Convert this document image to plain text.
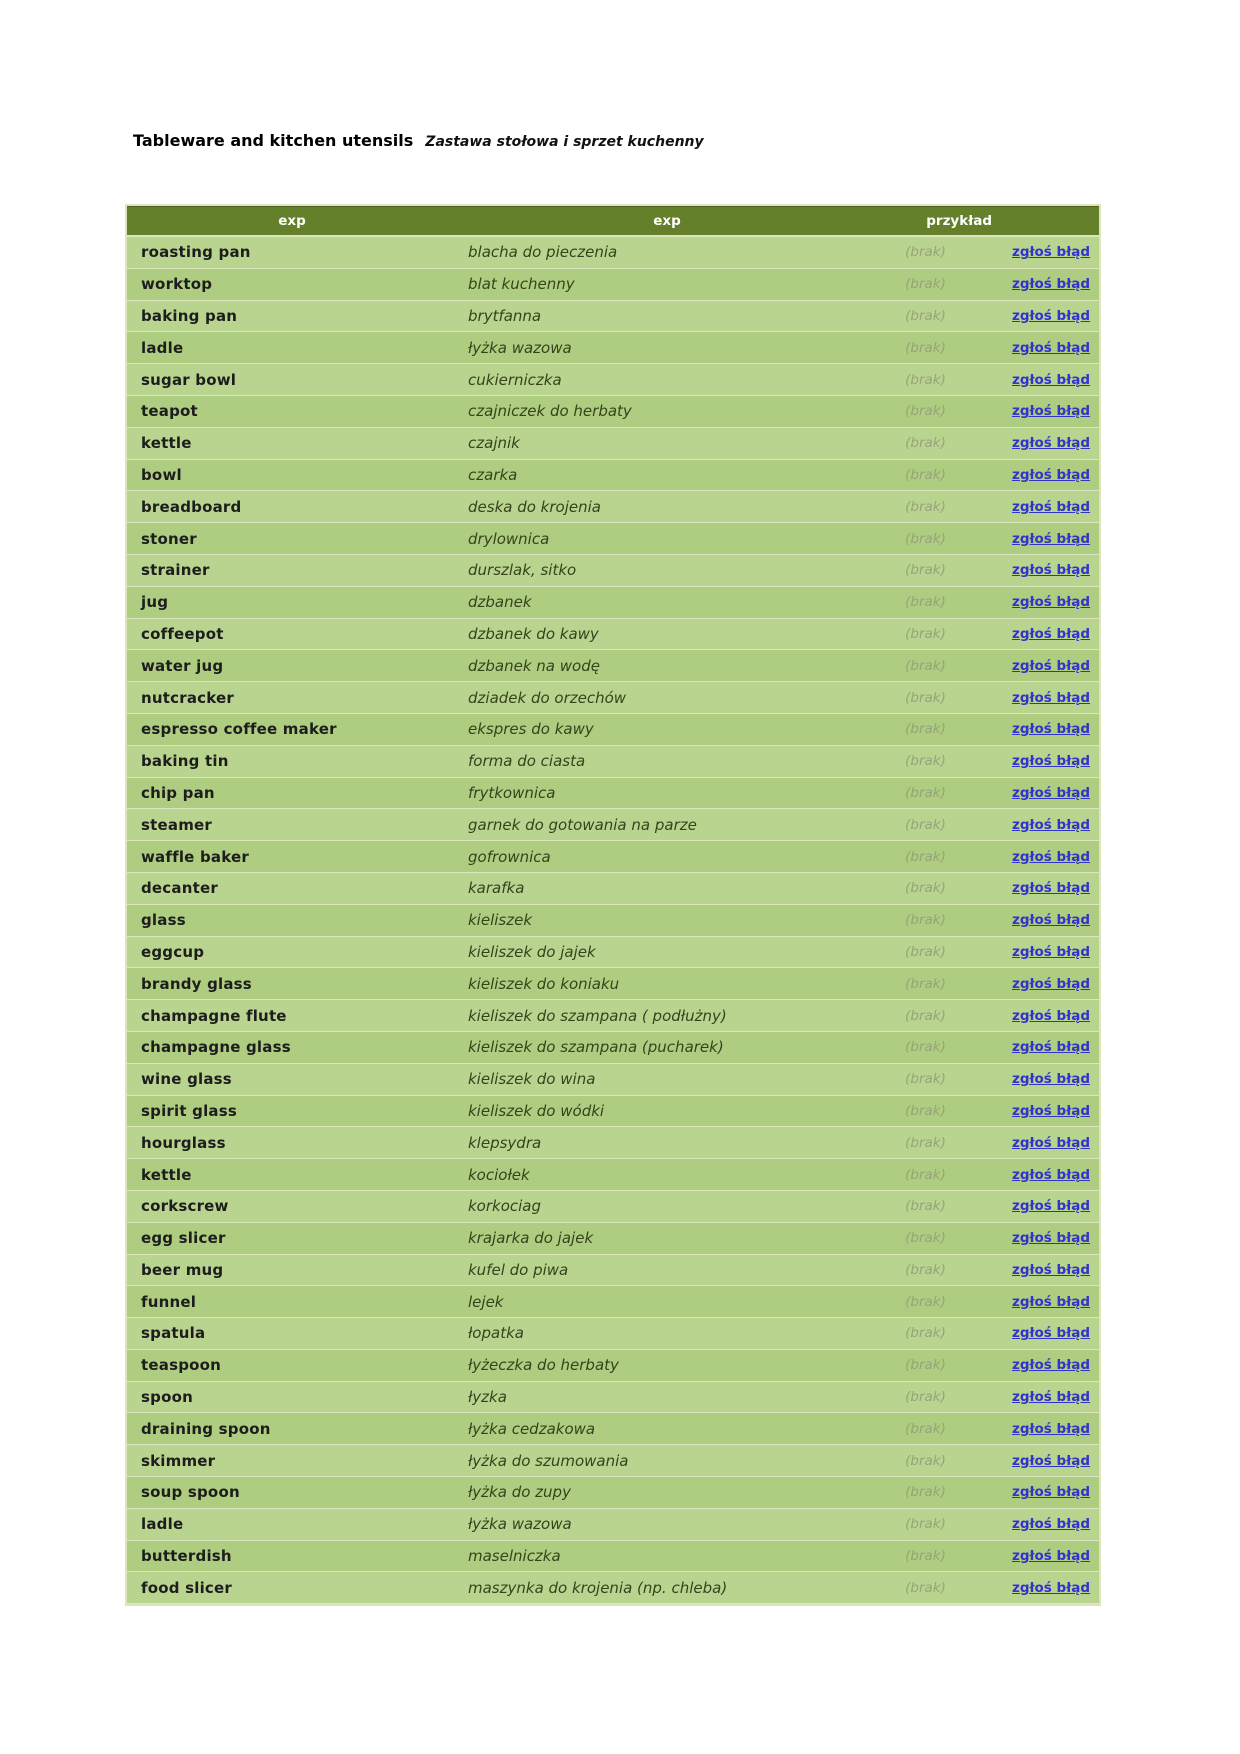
Tableware and kitchen utensils Zastawa stołowa i sprzet kuchenny
exp	exp	przykład
roasting pan	blacha do pieczenia	(brak)	zgłoś błąd
worktop	blat kuchenny	(brak)	zgłoś błąd
baking pan	brytfanna	(brak)	zgłoś błąd
ladle	łyżka wazowa	(brak)	zgłoś błąd
sugar bowl	cukierniczka	(brak)	zgłoś błąd
teapot	czajniczek do herbaty	(brak)	zgłoś błąd
kettle	czajnik	(brak)	zgłoś błąd
bowl	czarka	(brak)	zgłoś błąd
breadboard	deska do krojenia	(brak)	zgłoś błąd
stoner	drylownica	(brak)	zgłoś błąd
strainer	durszlak, sitko	(brak)	zgłoś błąd
jug	dzbanek	(brak)	zgłoś błąd
coffeepot	dzbanek do kawy	(brak)	zgłoś błąd
water jug	dzbanek na wodę	(brak)	zgłoś błąd
nutcracker	dziadek do orzechów	(brak)	zgłoś błąd
espresso coffee maker	ekspres do kawy	(brak)	zgłoś błąd
baking tin	forma do ciasta	(brak)	zgłoś błąd
chip pan	frytkownica	(brak)	zgłoś błąd
steamer	garnek do gotowania na parze	(brak)	zgłoś błąd
waffle baker	gofrownica	(brak)	zgłoś błąd
decanter	karafka	(brak)	zgłoś błąd
glass	kieliszek	(brak)	zgłoś błąd
eggcup	kieliszek do jajek	(brak)	zgłoś błąd
brandy glass	kieliszek do koniaku	(brak)	zgłoś błąd
champagne flute	kieliszek do szampana ( podłużny)	(brak)	zgłoś błąd
champagne glass	kieliszek do szampana (pucharek)	(brak)	zgłoś błąd
wine glass	kieliszek do wina	(brak)	zgłoś błąd
spirit glass	kieliszek do wódki	(brak)	zgłoś błąd
hourglass	klepsydra	(brak)	zgłoś błąd
kettle	kociołek	(brak)	zgłoś błąd
corkscrew	korkociag	(brak)	zgłoś błąd
egg slicer	krajarka do jajek	(brak)	zgłoś błąd
beer mug	kufel do piwa	(brak)	zgłoś błąd
funnel	lejek	(brak)	zgłoś błąd
spatula	łopatka	(brak)	zgłoś błąd
teaspoon	łyżeczka do herbaty	(brak)	zgłoś błąd
spoon	łyzka	(brak)	zgłoś błąd
draining spoon	łyżka cedzakowa	(brak)	zgłoś błąd
skimmer	łyżka do szumowania	(brak)	zgłoś błąd
soup spoon	łyżka do zupy	(brak)	zgłoś błąd
ladle	łyżka wazowa	(brak)	zgłoś błąd
butterdish	maselniczka	(brak)	zgłoś błąd
food slicer	maszynka do krojenia (np. chleba)	(brak)	zgłoś błąd
